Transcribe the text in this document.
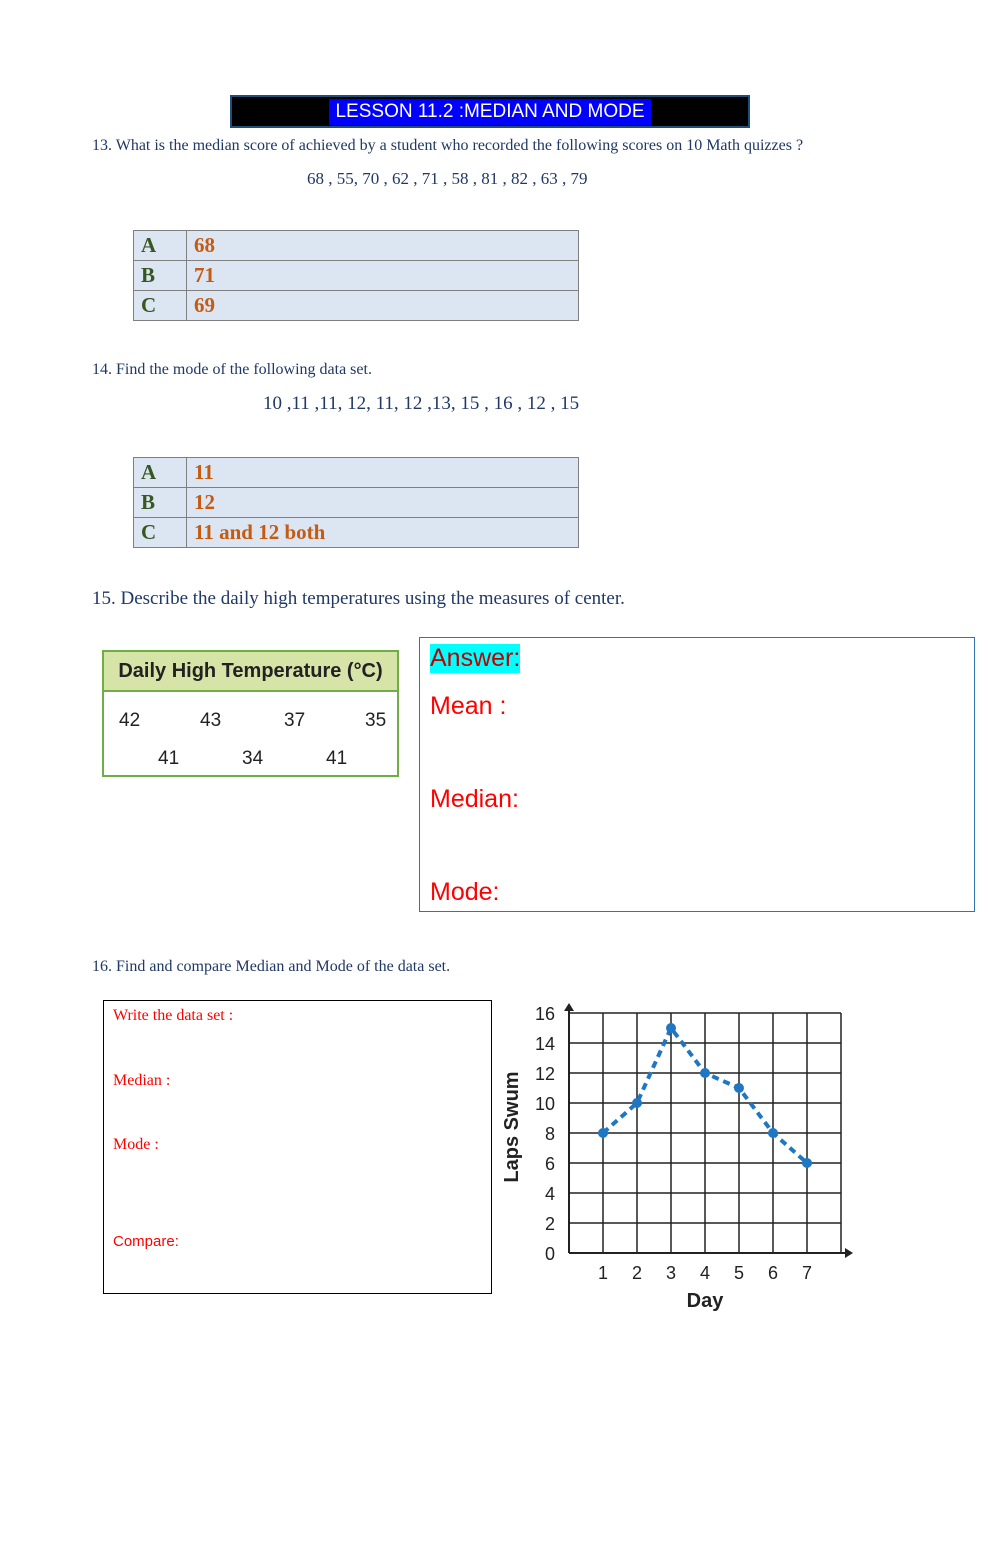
LESSON 11.2 :MEDIAN AND MODE
13. What is the median score of achieved by a student who recorded the following scores on 10 Math quizzes ?
68 , 55, 70 , 62 , 71 , 58 , 81 , 82 , 63 , 79
A	68
B	71
C	69
14. Find the mode of the following data set.
10 ,11 ,11, 12, 11, 12 ,13, 15 , 16 , 12 , 15
A	11
B	12
C	11 and 12 both
15. Describe the daily high temperatures using the measures of center.
Daily High Temperature (°C)
42	43	37	35
41	34	41
Answer:
Mean :
Median:
Mode:
16. Find and compare Median and Mode of the data set.
Write the data set :
Median :
Mode :
Compare:
0
2
4
6
8
10
12
14
16
1 2 3 4 5 6 7
Day
Laps Swum
